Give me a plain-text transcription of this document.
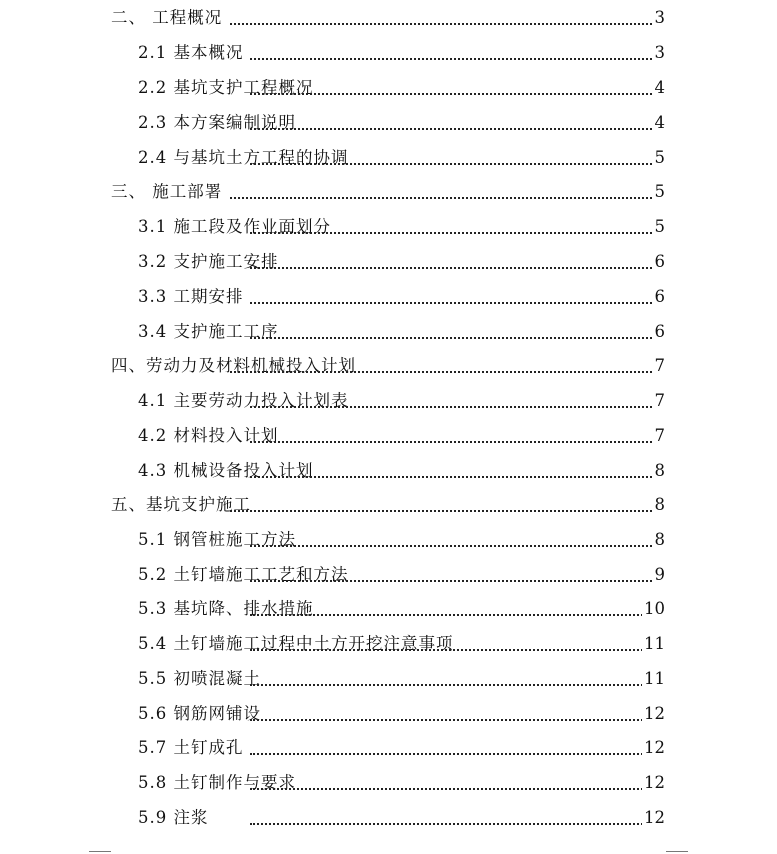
二、 工程概况	3
2.1 基本概况	3
2.2 基坑支护工程概况	4
2.3 本方案编制说明	4
2.4 与基坑土方工程的协调	5
三、 施工部署	5
3.1 施工段及作业面划分	5
3.2 支护施工安排	6
3.3 工期安排	6
3.4 支护施工工序	6
四、劳动力及材料机械投入计划	7
4.1 主要劳动力投入计划表	7
4.2 材料投入计划	7
4.3 机械设备投入计划	8
五、基坑支护施工	8
5.1 钢管桩施工方法	8
5.2 土钉墙施工工艺和方法	9
5.3 基坑降、排水措施	10
5.4 土钉墙施工过程中土方开挖注意事项	11
5.5 初喷混凝土	11
5.6 钢筋网铺设	12
5.7 土钉成孔	12
5.8 土钉制作与要求	12
5.9 注浆	12
